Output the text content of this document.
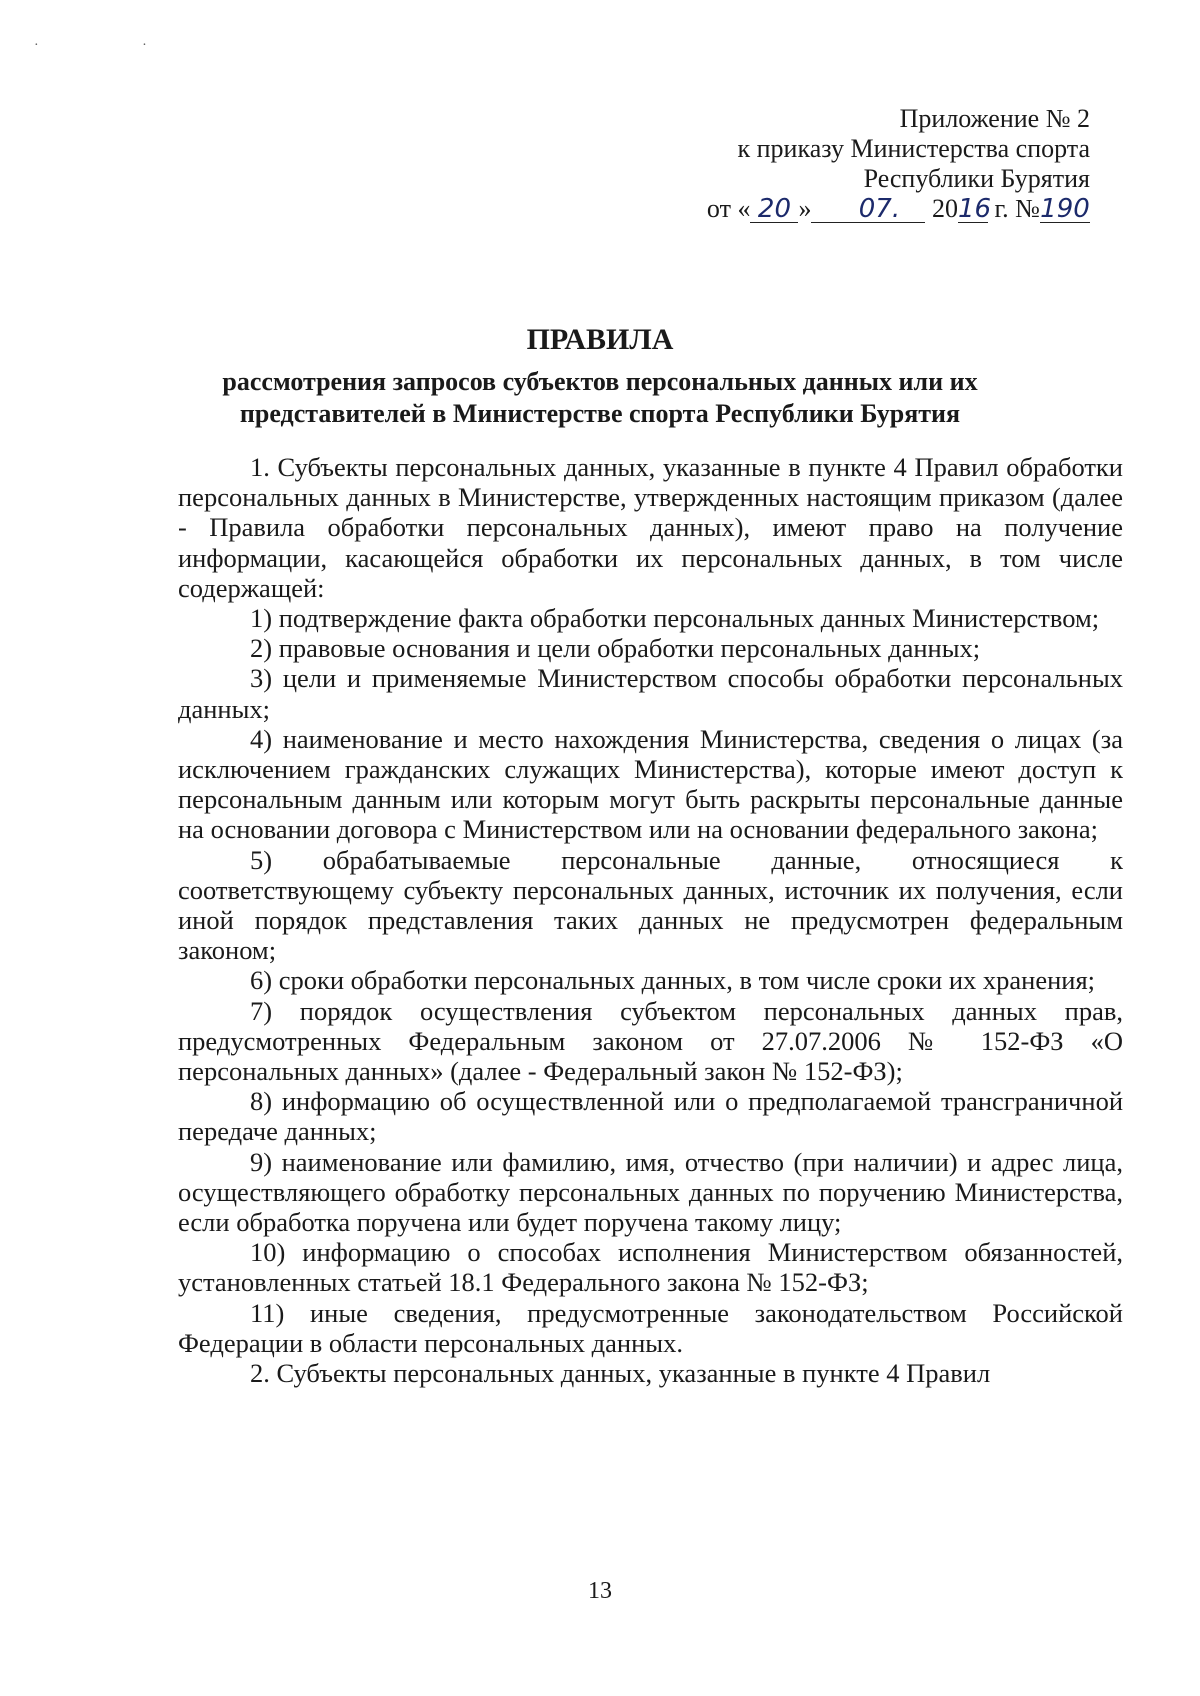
· ·
Приложение № 2
к приказу Министерства спорта
Республики Бурятия
от « 20 » 07. 2016 г. №190
ПРАВИЛА
рассмотрения запросов субъектов персональных данных или их представителей в Министерстве спорта Республики Бурятия

1. Субъекты персональных данных, указанные в пункте 4 Правил обработки персональных данных в Министерстве, утвержденных настоящим приказом (далее - Правила обработки персональных данных), имеют право на получение информации, касающейся обработки их персональных данных, в том числе содержащей:

1) подтверждение факта обработки персональных данных Министерством;

2) правовые основания и цели обработки персональных данных;

3) цели и применяемые Министерством способы обработки персональных данных;

4) наименование и место нахождения Министерства, сведения о лицах (за исключением гражданских служащих Министерства), которые имеют доступ к персональным данным или которым могут быть раскрыты персональные данные на основании договора с Министерством или на основании федерального закона;

5) обрабатываемые персональные данные, относящиеся к соответствующему субъекту персональных данных, источник их получения, если иной порядок представления таких данных не предусмотрен федеральным законом;

6) сроки обработки персональных данных, в том числе сроки их хранения;

7) порядок осуществления субъектом персональных данных прав, предусмотренных Федеральным законом от 27.07.2006 № 152-ФЗ «О персональных данных» (далее - Федеральный закон № 152-ФЗ);

8) информацию об осуществленной или о предполагаемой трансграничной передаче данных;

9) наименование или фамилию, имя, отчество (при наличии) и адрес лица, осуществляющего обработку персональных данных по поручению Министерства, если обработка поручена или будет поручена такому лицу;

10) информацию о способах исполнения Министерством обязанностей, установленных статьей 18.1 Федерального закона № 152-ФЗ;

11) иные сведения, предусмотренные законодательством Российской Федерации в области персональных данных.

2. Субъекты персональных данных, указанные в пункте 4 Правил

13
